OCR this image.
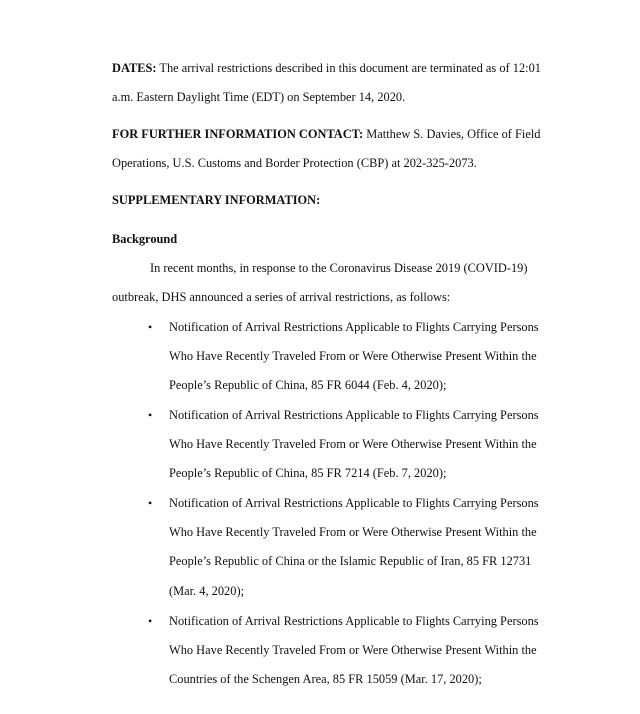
DATES: The arrival restrictions described in this document are terminated as of 12:01
a.m. Eastern Daylight Time (EDT) on September 14, 2020.
FOR FURTHER INFORMATION CONTACT: Matthew S. Davies, Office of Field
Operations, U.S. Customs and Border Protection (CBP) at 202-325-2073.
SUPPLEMENTARY INFORMATION:
Background
In recent months, in response to the Coronavirus Disease 2019 (COVID-19)
outbreak, DHS announced a series of arrival restrictions, as follows:
•
Notification of Arrival Restrictions Applicable to Flights Carrying Persons
Who Have Recently Traveled From or Were Otherwise Present Within the
People’s Republic of China, 85 FR 6044 (Feb. 4, 2020);
•
Notification of Arrival Restrictions Applicable to Flights Carrying Persons
Who Have Recently Traveled From or Were Otherwise Present Within the
People’s Republic of China, 85 FR 7214 (Feb. 7, 2020);
•
Notification of Arrival Restrictions Applicable to Flights Carrying Persons
Who Have Recently Traveled From or Were Otherwise Present Within the
People’s Republic of China or the Islamic Republic of Iran, 85 FR 12731
(Mar. 4, 2020);
•
Notification of Arrival Restrictions Applicable to Flights Carrying Persons
Who Have Recently Traveled From or Were Otherwise Present Within the
Countries of the Schengen Area, 85 FR 15059 (Mar. 17, 2020);
